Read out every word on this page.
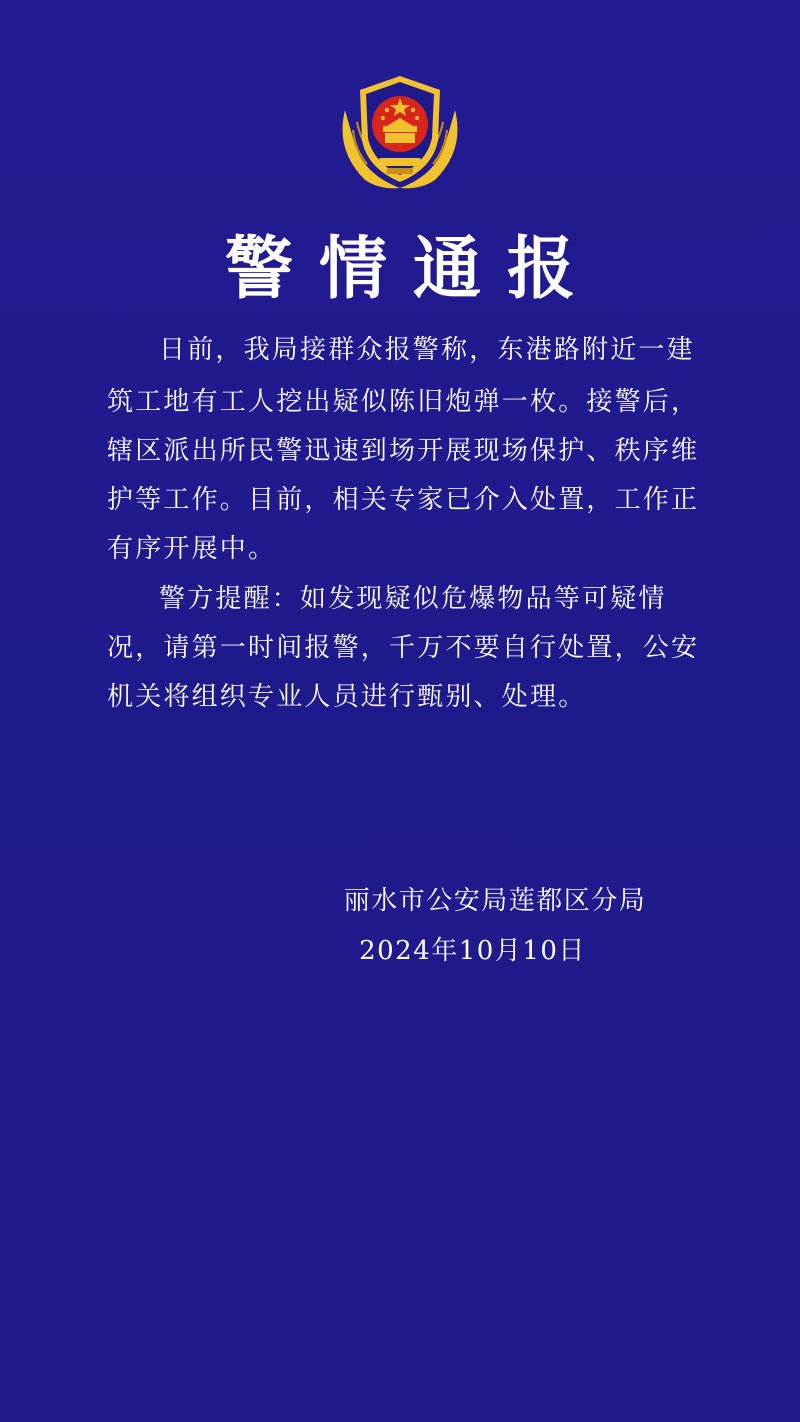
警情通报
日前，我局接群众报警称，东港路附近一建
筑工地有工人挖出疑似陈旧炮弹一枚。接警后，
辖区派出所民警迅速到场开展现场保护、秩序维
护等工作。目前，相关专家已介入处置，工作正
有序开展中。
警方提醒：如发现疑似危爆物品等可疑情
况，请第一时间报警，千万不要自行处置，公安
机关将组织专业人员进行甄别、处理。
丽水市公安局莲都区分局
2024年10月10日
